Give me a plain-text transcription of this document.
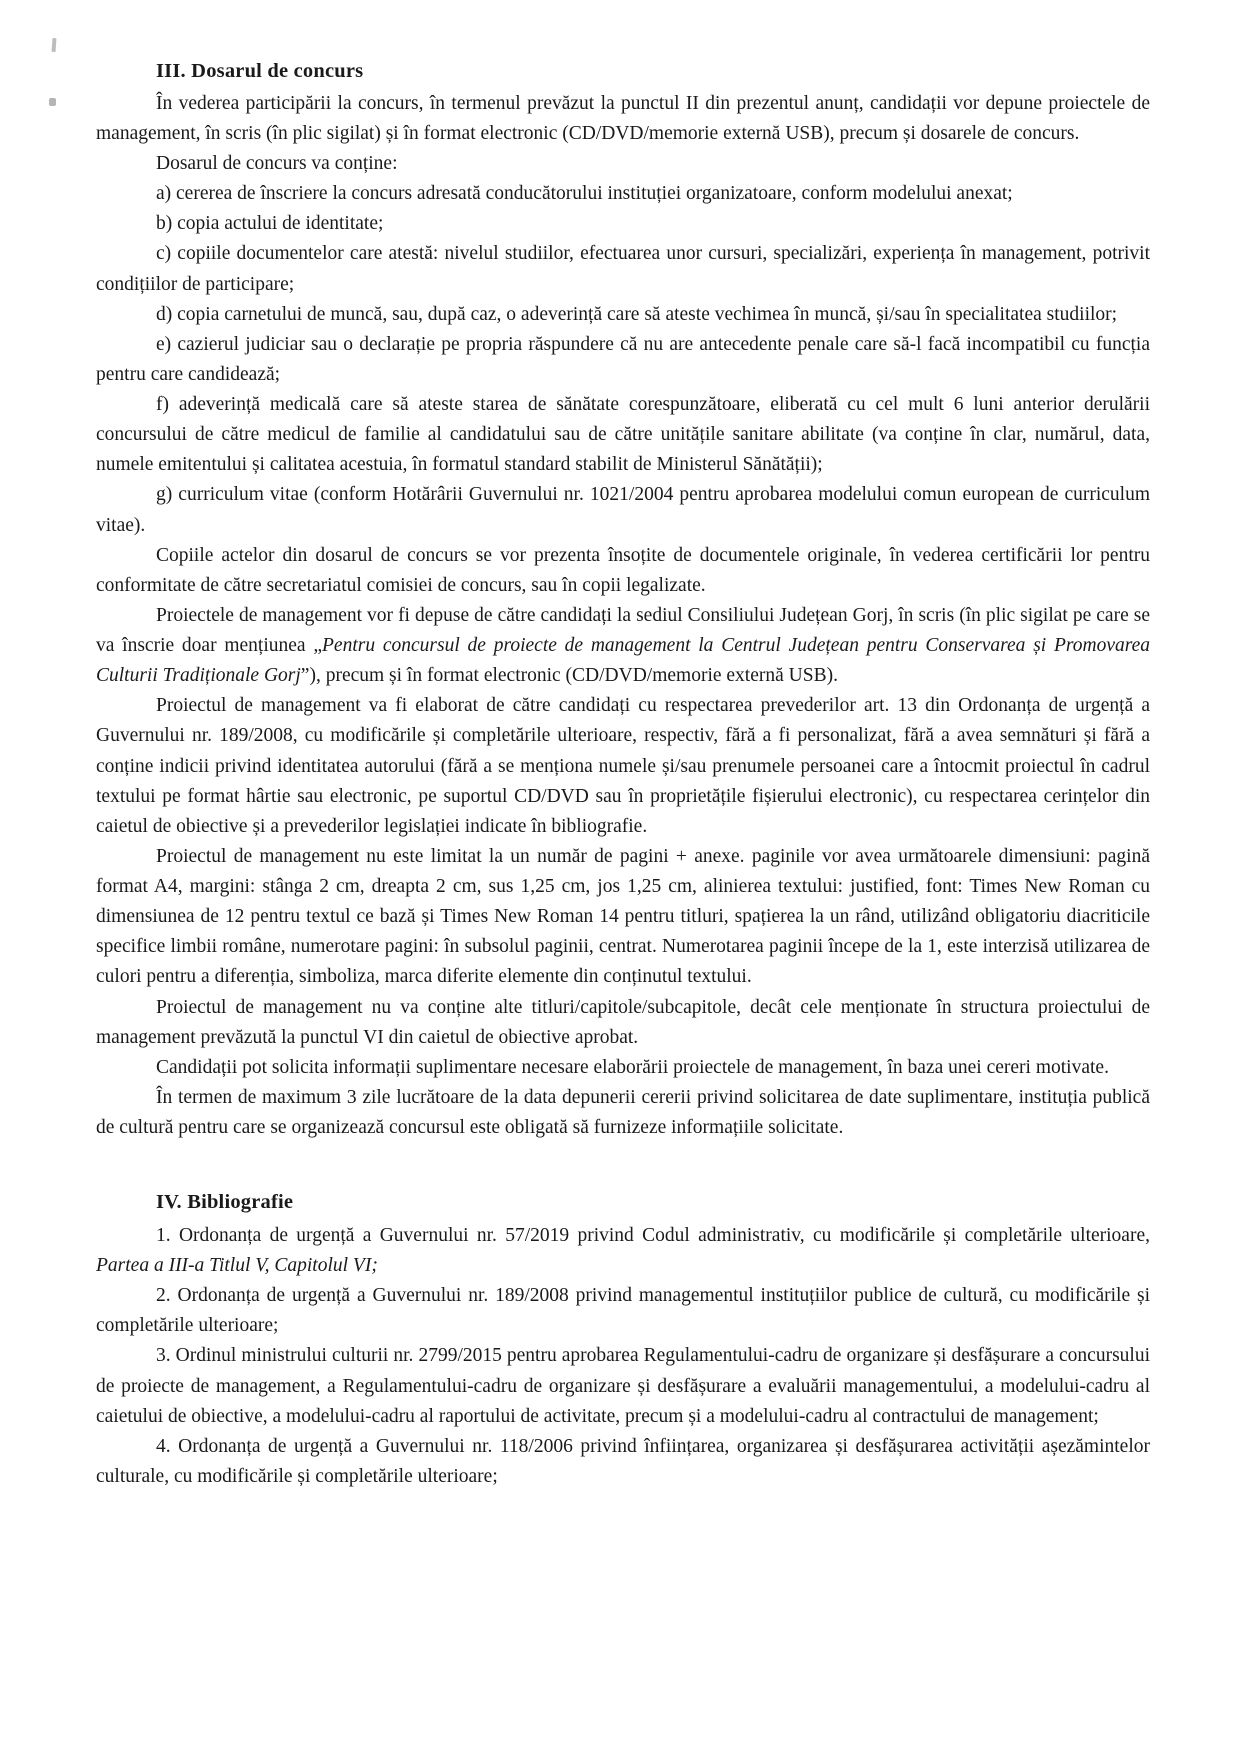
III. Dosarul de concurs

În vederea participării la concurs, în termenul prevăzut la punctul II din prezentul anunț, candidații vor depune proiectele de management, în scris (în plic sigilat) și în format electronic (CD/DVD/memorie externă USB), precum și dosarele de concurs.

Dosarul de concurs va conține:

a) cererea de înscriere la concurs adresată conducătorului instituției organizatoare, conform modelului anexat;

b) copia actului de identitate;

c) copiile documentelor care atestă: nivelul studiilor, efectuarea unor cursuri, specializări, experiența în management, potrivit condițiilor de participare;

d) copia carnetului de muncă, sau, după caz, o adeverință care să ateste vechimea în muncă, și/sau în specialitatea studiilor;

e) cazierul judiciar sau o declarație pe propria răspundere că nu are antecedente penale care să-l facă incompatibil cu funcția pentru care candidează;

f) adeverință medicală care să ateste starea de sănătate corespunzătoare, eliberată cu cel mult 6 luni anterior derulării concursului de către medicul de familie al candidatului sau de către unitățile sanitare abilitate (va conține în clar, numărul, data, numele emitentului și calitatea acestuia, în formatul standard stabilit de Ministerul Sănătății);

g) curriculum vitae (conform Hotărârii Guvernului nr. 1021/2004 pentru aprobarea modelului comun european de curriculum vitae).

Copiile actelor din dosarul de concurs se vor prezenta însoțite de documentele originale, în vederea certificării lor pentru conformitate de către secretariatul comisiei de concurs, sau în copii legalizate.

Proiectele de management vor fi depuse de către candidați la sediul Consiliului Județean Gorj, în scris (în plic sigilat pe care se va înscrie doar mențiunea „Pentru concursul de proiecte de management la Centrul Județean pentru Conservarea și Promovarea Culturii Tradiționale Gorj”), precum și în format electronic (CD/DVD/memorie externă USB).

Proiectul de management va fi elaborat de către candidați cu respectarea prevederilor art. 13 din Ordonanța de urgență a Guvernului nr. 189/2008, cu modificările și completările ulterioare, respectiv, fără a fi personalizat, fără a avea semnături și fără a conține indicii privind identitatea autorului (fără a se menționa numele și/sau prenumele persoanei care a întocmit proiectul în cadrul textului pe format hârtie sau electronic, pe suportul CD/DVD sau în proprietățile fișierului electronic), cu respectarea cerințelor din caietul de obiective și a prevederilor legislației indicate în bibliografie.

Proiectul de management nu este limitat la un număr de pagini + anexe. paginile vor avea următoarele dimensiuni: pagină format A4, margini: stânga 2 cm, dreapta 2 cm, sus 1,25 cm, jos 1,25 cm, alinierea textului: justified, font: Times New Roman cu dimensiunea de 12 pentru textul ce bază și Times New Roman 14 pentru titluri, spațierea la un rând, utilizând obligatoriu diacriticile specifice limbii române, numerotare pagini: în subsolul paginii, centrat. Numerotarea paginii începe de la 1, este interzisă utilizarea de culori pentru a diferenția, simboliza, marca diferite elemente din conținutul textului.

Proiectul de management nu va conține alte titluri/capitole/subcapitole, decât cele menționate în structura proiectului de management prevăzută la punctul VI din caietul de obiective aprobat.

Candidații pot solicita informații suplimentare necesare elaborării proiectele de management, în baza unei cereri motivate.

În termen de maximum 3 zile lucrătoare de la data depunerii cererii privind solicitarea de date suplimentare, instituția publică de cultură pentru care se organizează concursul este obligată să furnizeze informațiile solicitate.

IV. Bibliografie

1. Ordonanța de urgență a Guvernului nr. 57/2019 privind Codul administrativ, cu modificările și completările ulterioare, Partea a III-a Titlul V, Capitolul VI;

2. Ordonanța de urgență a Guvernului nr. 189/2008 privind managementul instituțiilor publice de cultură, cu modificările și completările ulterioare;

3. Ordinul ministrului culturii nr. 2799/2015 pentru aprobarea Regulamentului-cadru de organizare și desfășurare a concursului de proiecte de management, a Regulamentului-cadru de organizare și desfășurare a evaluării managementului, a modelului-cadru al caietului de obiective, a modelului-cadru al raportului de activitate, precum și a modelului-cadru al contractului de management;

4. Ordonanța de urgență a Guvernului nr. 118/2006 privind înființarea, organizarea și desfășurarea activității așezămintelor culturale, cu modificările și completările ulterioare;
